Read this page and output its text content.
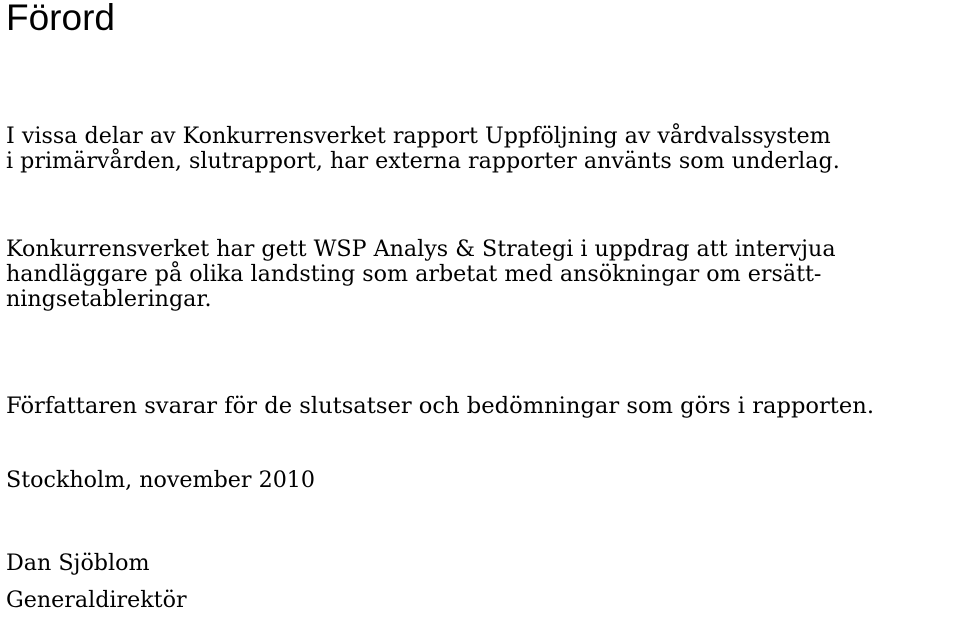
Förord

I vissa delar av Konkurrensverket rapport Uppföljning av vårdvalssystem
i primärvården, slutrapport, har externa rapporter använts som underlag.

Konkurrensverket har gett WSP Analys & Strategi i uppdrag att intervjua
handläggare på olika landsting som arbetat med ansökningar om ersätt-
ningsetableringar.

Författaren svarar för de slutsatser och bedömningar som görs i rapporten.

Stockholm, november 2010

Dan Sjöblom
Generaldirektör
